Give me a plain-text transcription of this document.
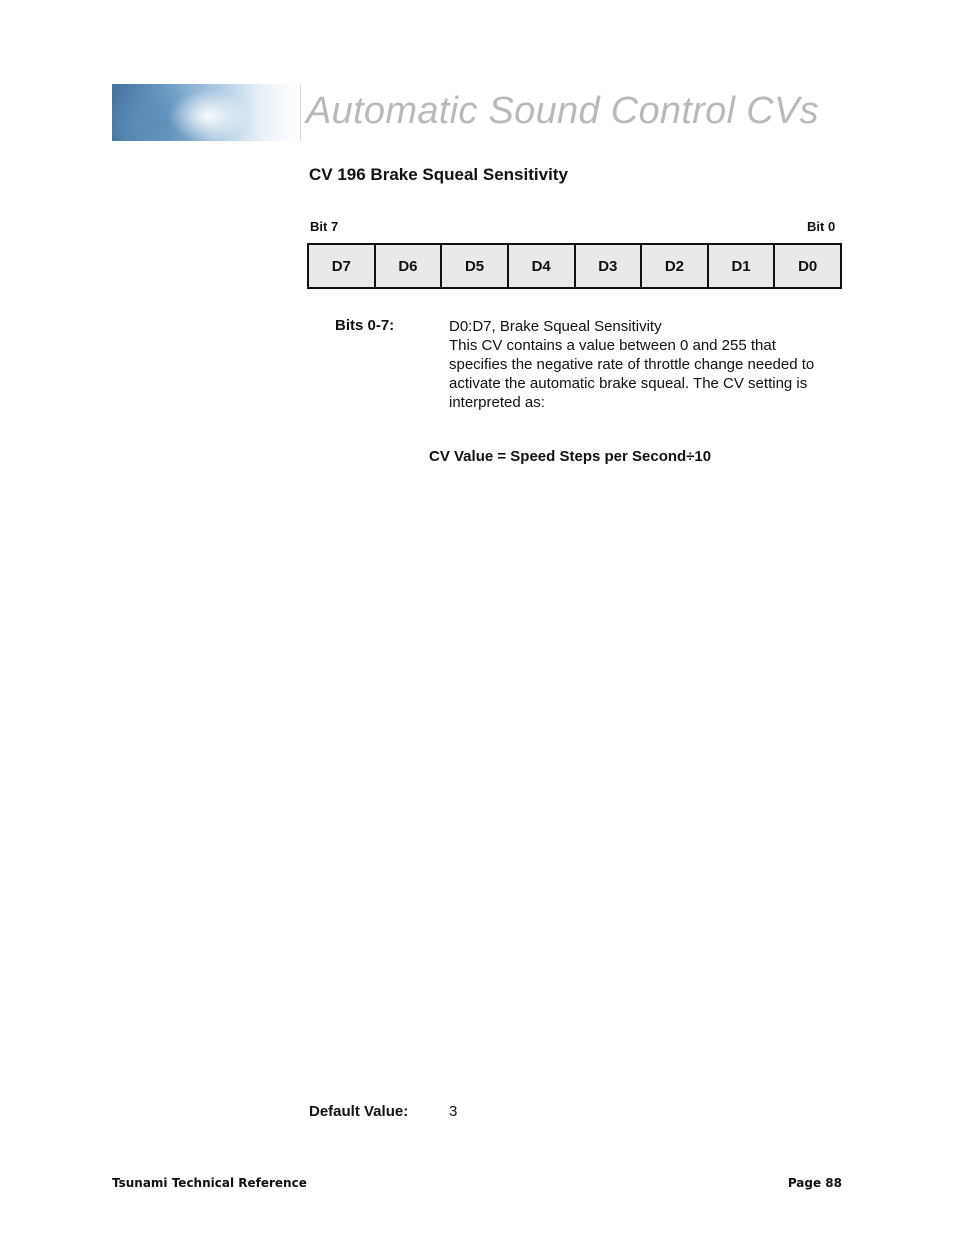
Automatic Sound Control CVs
CV 196 Brake Squeal Sensitivity
Bit 7	Bit 0
D7	D6	D5	D4	D3	D2	D1	D0
Bits 0-7:	D0:D7, Brake Squeal Sensitivity
This CV contains a value between 0 and 255 that
specifies the negative rate of throttle change needed to
activate the automatic brake squeal. The CV setting is
interpreted as:
CV Value = Speed Steps per Second÷10
Default Value:	3
Tsunami Technical Reference	Page 88
